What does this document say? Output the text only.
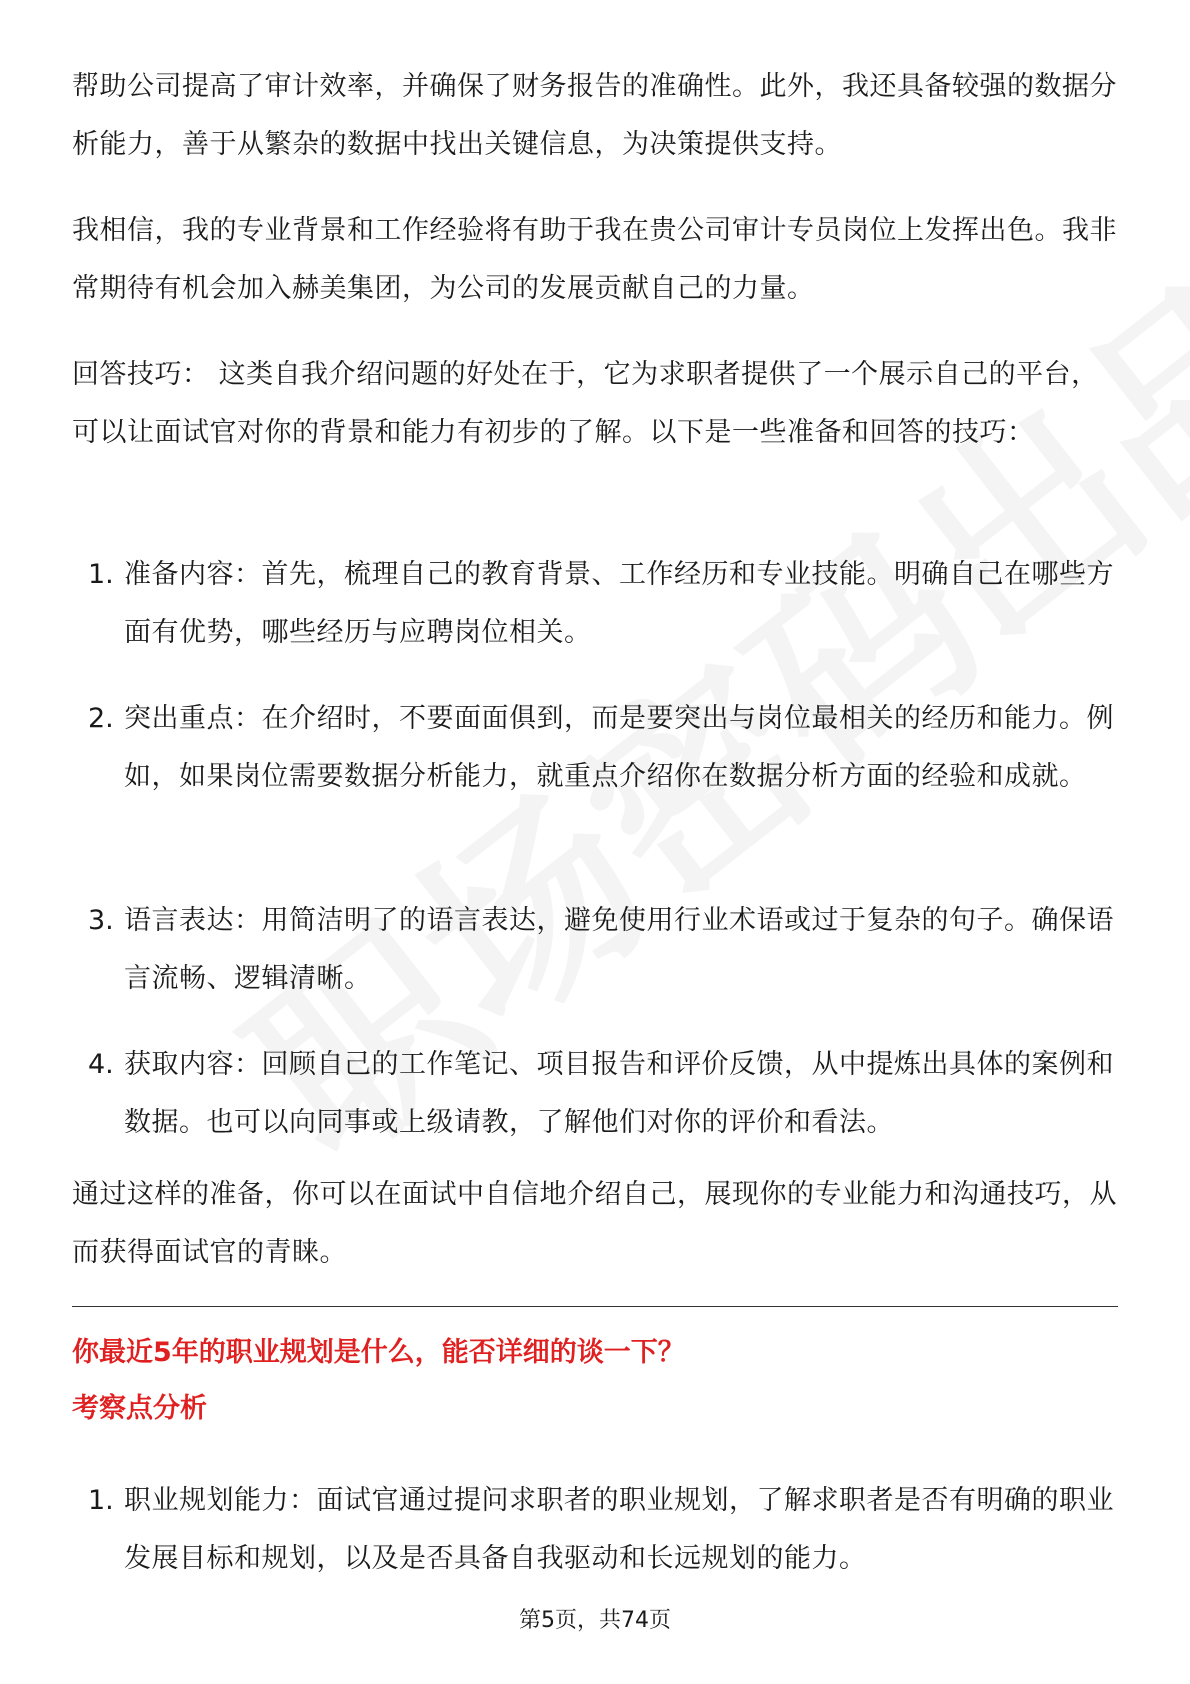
帮助公司提高了审计效率，并确保了财务报告的准确性。此外，我还具备较强的数据分析能力，善于从繁杂的数据中找出关键信息，为决策提供支持。

我相信，我的专业背景和工作经验将有助于我在贵公司审计专员岗位上发挥出色。我非常期待有机会加入赫美集团，为公司的发展贡献自己的力量。

回答技巧： 这类自我介绍问题的好处在于，它为求职者提供了一个展示自己的平台，可以让面试官对你的背景和能力有初步的了解。以下是一些准备和回答的技巧：

1. 准备内容：首先，梳理自己的教育背景、工作经历和专业技能。明确自己在哪些方面有优势，哪些经历与应聘岗位相关。
2. 突出重点：在介绍时，不要面面俱到，而是要突出与岗位最相关的经历和能力。例如，如果岗位需要数据分析能力，就重点介绍你在数据分析方面的经验和成就。
3. 语言表达：用简洁明了的语言表达，避免使用行业术语或过于复杂的句子。确保语言流畅、逻辑清晰。
4. 获取内容：回顾自己的工作笔记、项目报告和评价反馈，从中提炼出具体的案例和数据。也可以向同事或上级请教，了解他们对你的评价和看法。

通过这样的准备，你可以在面试中自信地介绍自己，展现你的专业能力和沟通技巧，从而获得面试官的青睐。

你最近5年的职业规划是什么，能否详细的谈一下？
考察点分析
1. 职业规划能力：面试官通过提问求职者的职业规划，了解求职者是否有明确的职业发展目标和规划，以及是否具备自我驱动和长远规划的能力。
第5页，共74页
